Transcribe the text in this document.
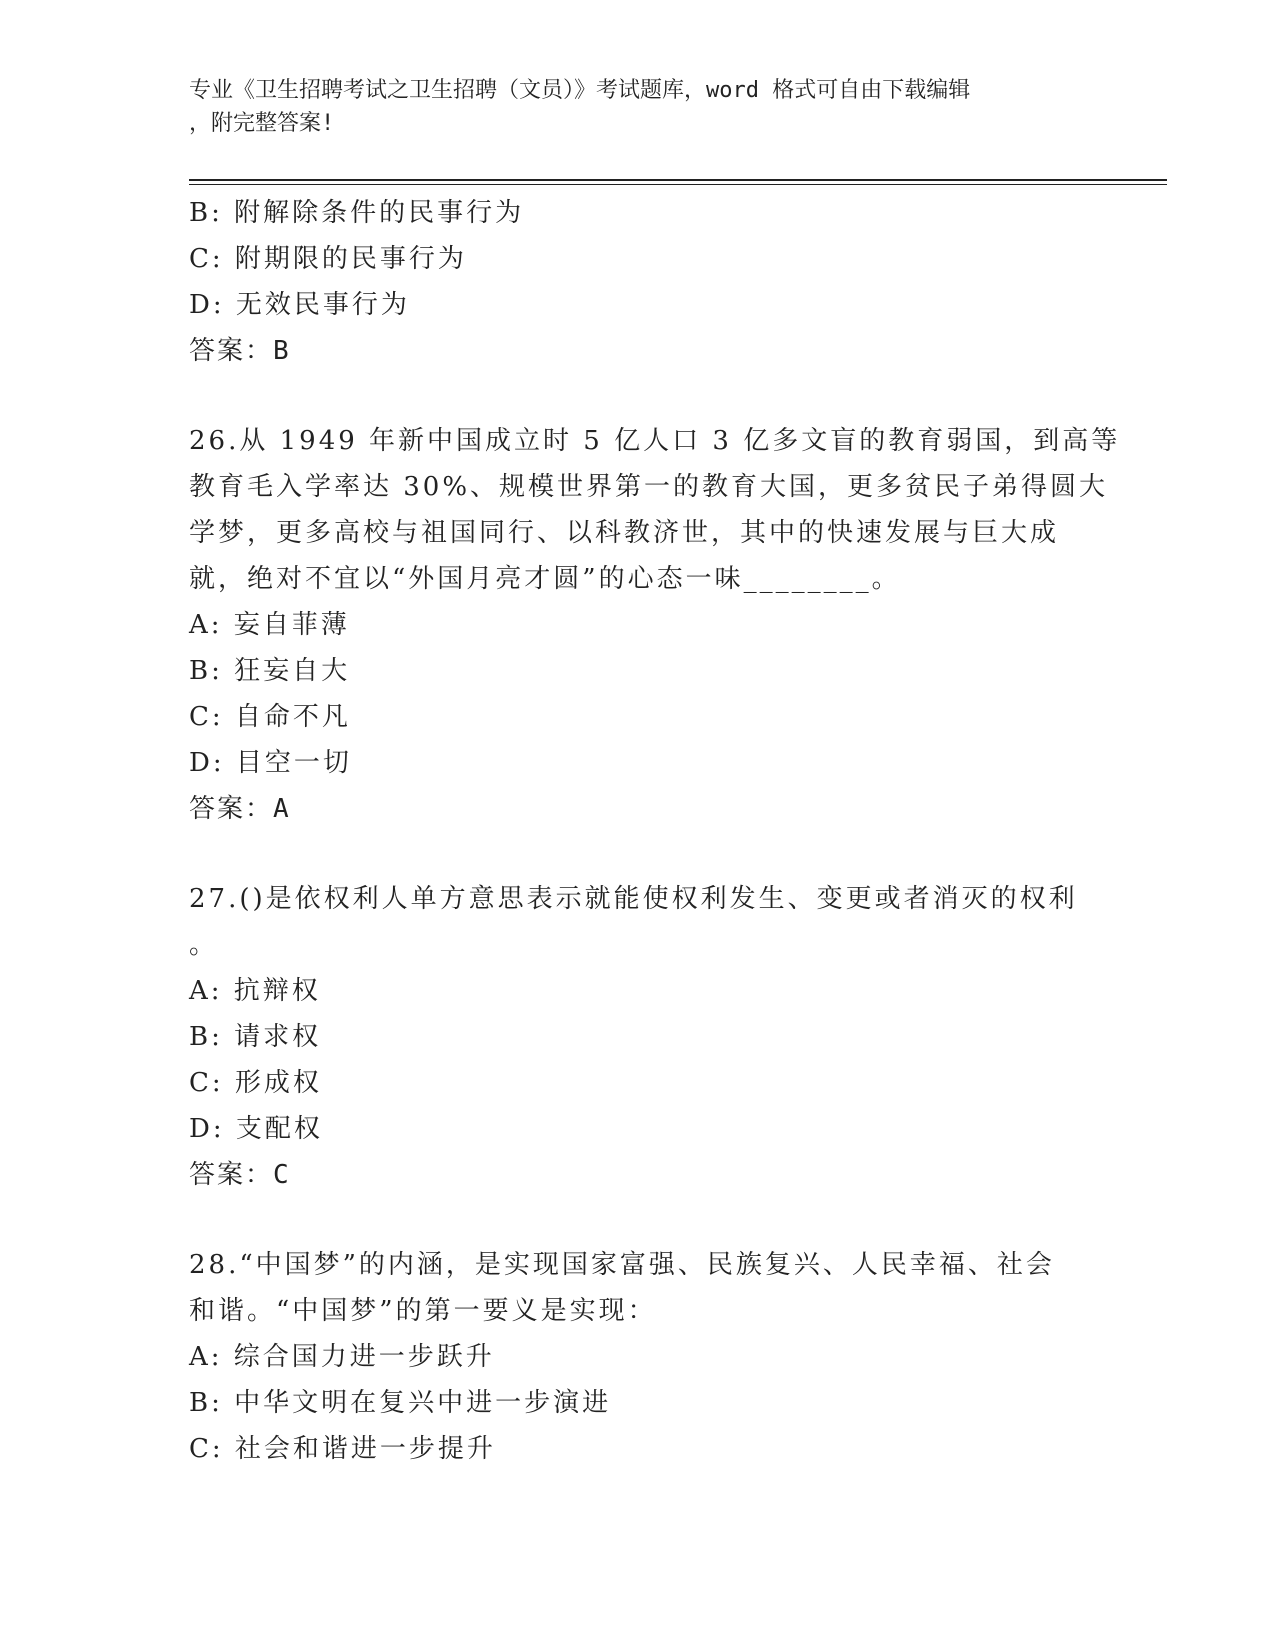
专业《卫生招聘考试之卫生招聘（文员）》考试题库，word 格式可自由下载编辑
，附完整答案!
B: 附解除条件的民事行为
C: 附期限的民事行为
D: 无效民事行为
答案：B
26.从 1949 年新中国成立时 5 亿人口 3 亿多文盲的教育弱国，到高等
教育毛入学率达 30%、规模世界第一的教育大国，更多贫民子弟得圆大
学梦，更多高校与祖国同行、以科教济世，其中的快速发展与巨大成
就，绝对不宜以“外国月亮才圆”的心态一味________。
A: 妄自菲薄
B: 狂妄自大
C: 自命不凡
D: 目空一切
答案：A
27.()是依权利人单方意思表示就能使权利发生、变更或者消灭的权利
。
A: 抗辩权
B: 请求权
C: 形成权
D: 支配权
答案：C
28.“中国梦”的内涵，是实现国家富强、民族复兴、人民幸福、社会
和谐。“中国梦”的第一要义是实现：
A: 综合国力进一步跃升
B: 中华文明在复兴中进一步演进
C: 社会和谐进一步提升
